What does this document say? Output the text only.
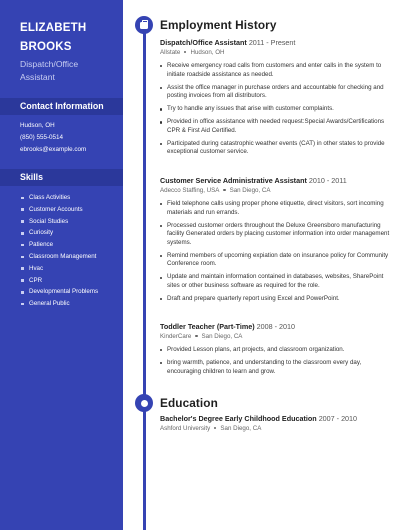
ELIZABETH
BROOKS
Dispatch/Office
Assistant
Contact Information
Hudson, OH
(850) 555-0514
ebrooks@example.com
Skills
Class Activities
Customer Accounts
Social Studies
Curiosity
Patience
Classroom Management
Hvac
CPR
Developmental Problems
General Public
Employment History
Dispatch/Office Assistant 2011 - Present
Allstate Hudson, OH
Receive emergency road calls from customers and enter calls in the system to initiate roadside assistance as needed.
Assist the office manager in purchase orders and accountable for checking and posting invoices from all distributors.
Try to handle any issues that arise with customer complaints.
Provided in office assistance with needed request:Special Awards/Certifications CPR & First Aid Certified.
Participated during catastrophic weather events (CAT) in other states to provide exceptional customer service.
Customer Service Administrative Assistant 2010 - 2011
Adecco Staffing, USA San Diego, CA
Field telephone calls using proper phone etiquette, direct visitors, sort incoming materials and run errands.
Processed customer orders throughout the Deluxe Greensboro manufacturing facility Generated orders by placing customer information into order management systems.
Remind members of upcoming expiation date on insurance policy for Community Conference room.
Update and maintain information contained in databases, websites, SharePoint sites or other business software as required for the role.
Draft and prepare quarterly report using Excel and PowerPoint.
Toddler Teacher (Part-Time) 2008 - 2010
KinderCare San Diego, CA
Provided Lesson plans, art projects, and classroom organization.
bring warmth, patience, and understanding to the classroom every day, encouraging children to learn and grow.
Education
Bachelor's Degree Early Childhood Education 2007 - 2010
Ashford University San Diego, CA
